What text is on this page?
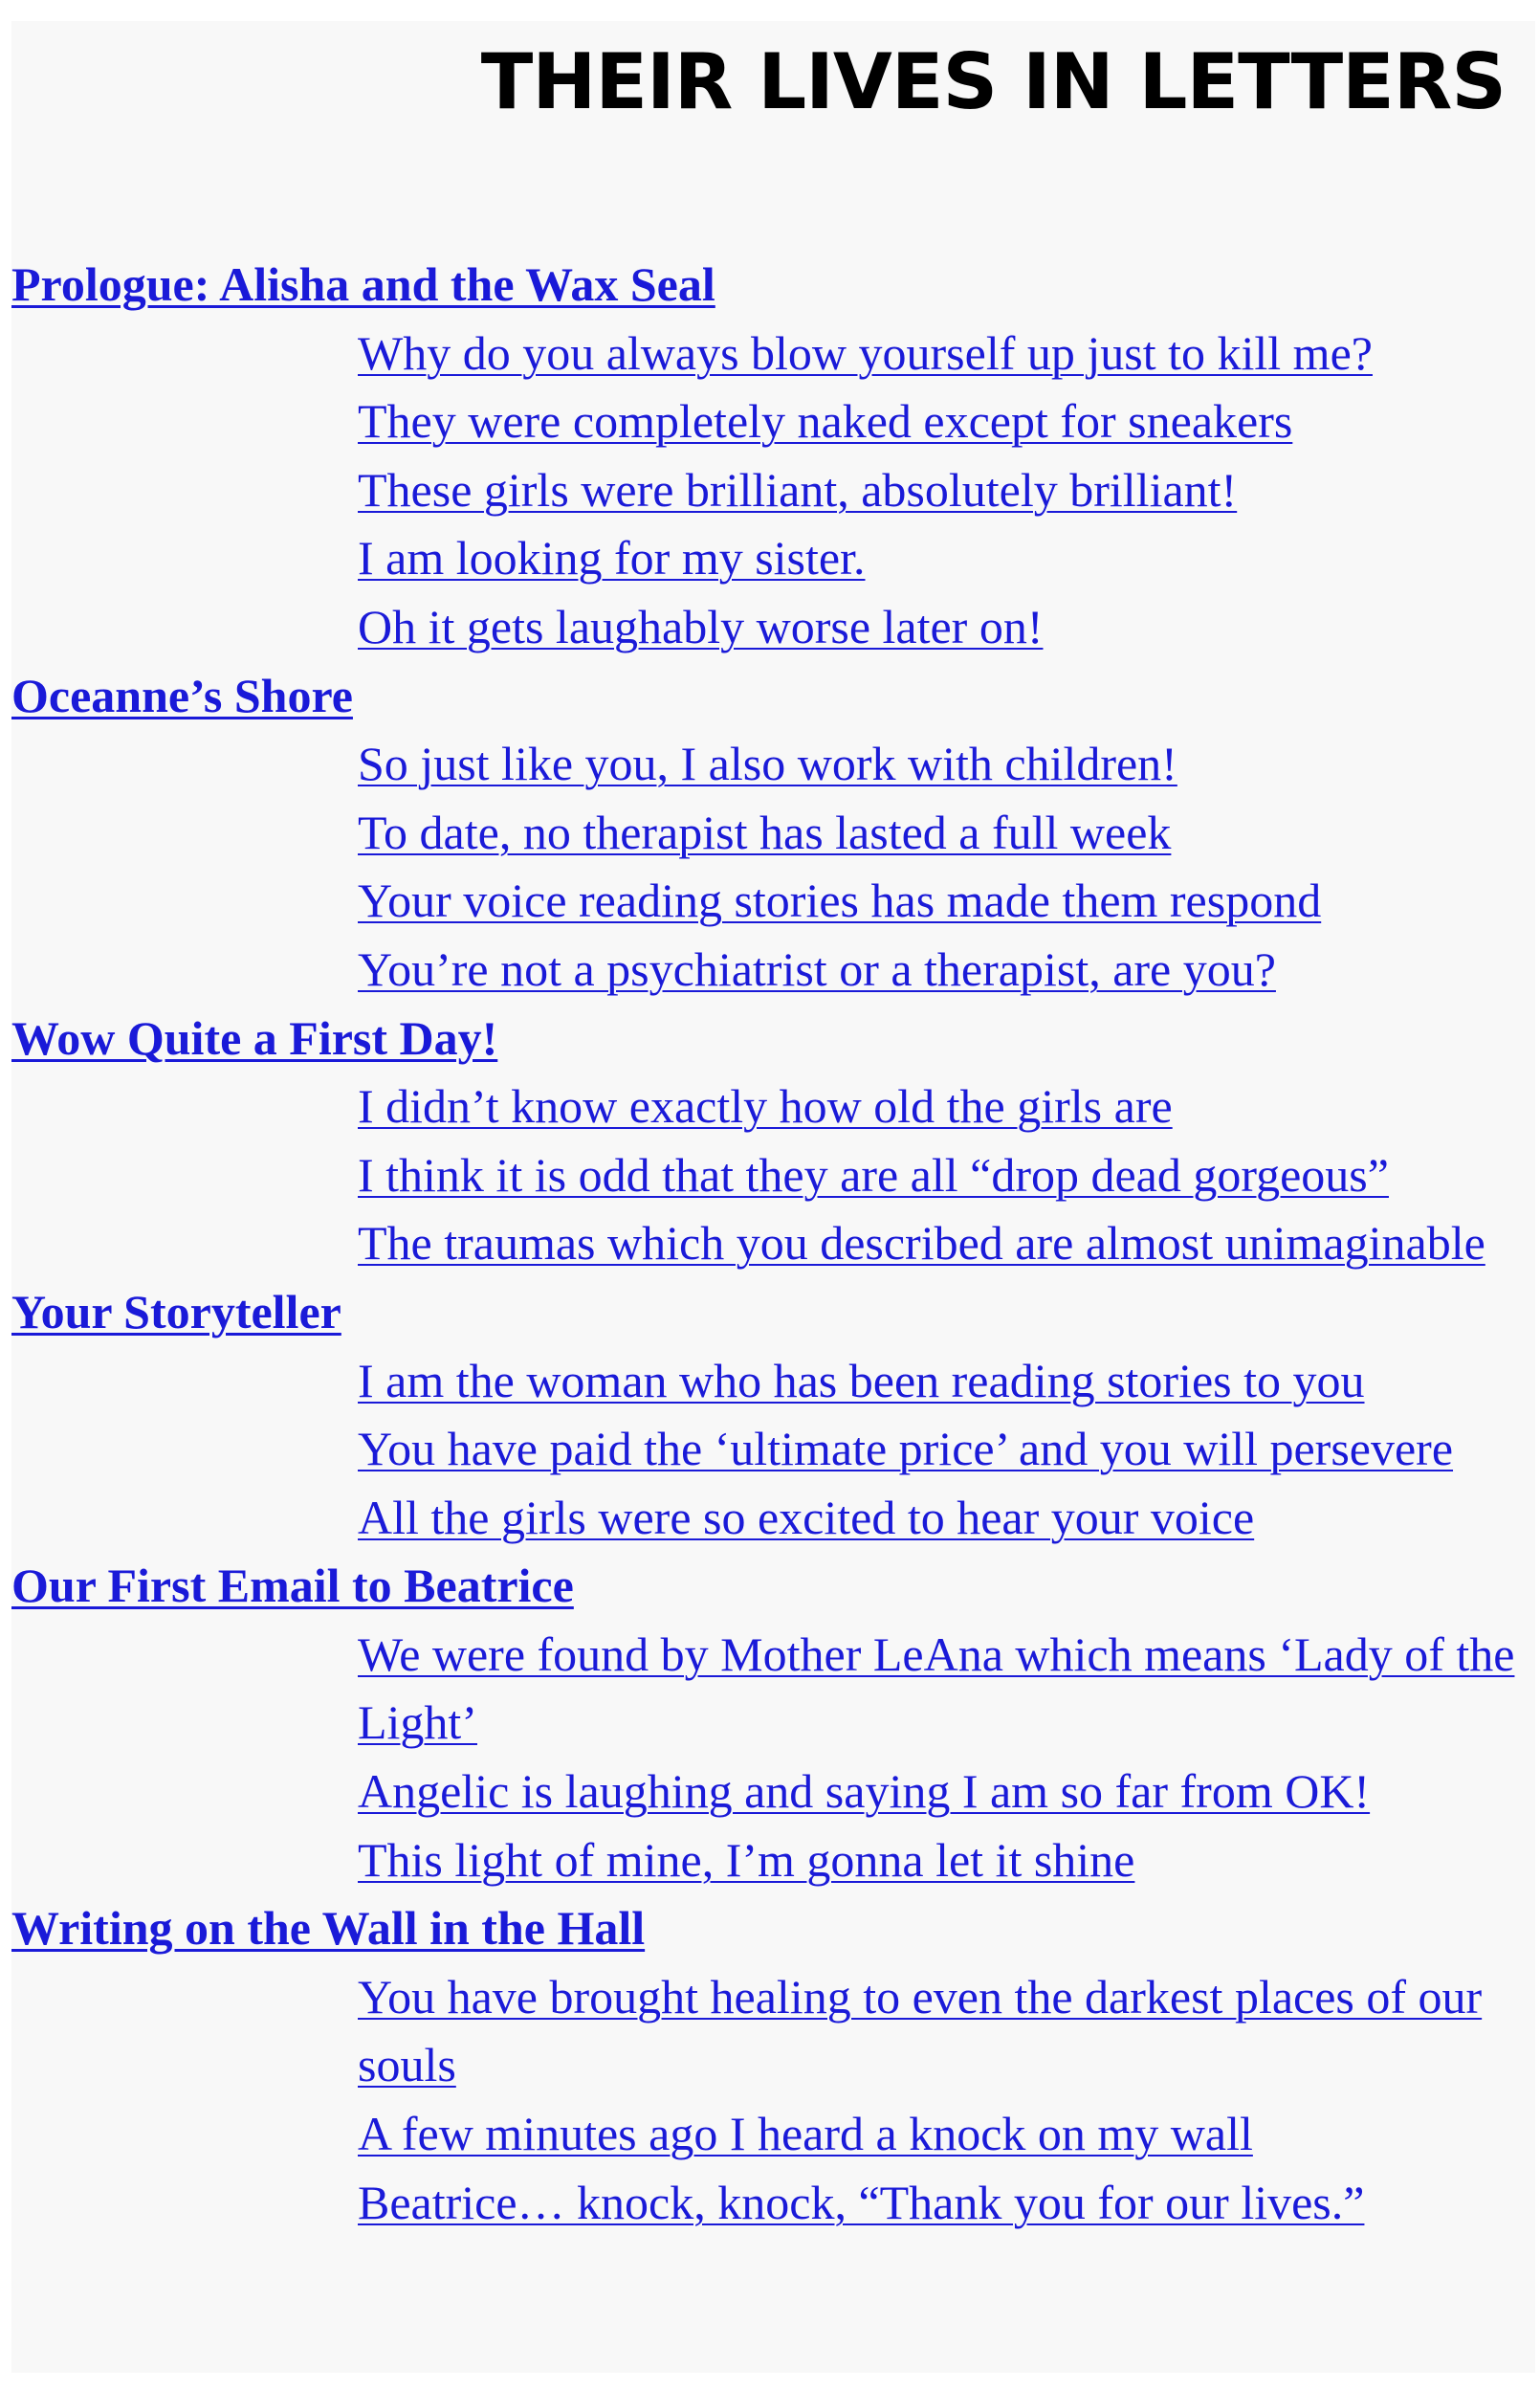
THEIR LIVES IN LETTERS
Prologue: Alisha and the Wax Seal
Why do you always blow yourself up just to kill me?
They were completely naked except for sneakers
These girls were brilliant, absolutely brilliant!
I am looking for my sister.
Oh it gets laughably worse later on!
Oceanne’s Shore
So just like you, I also work with children!
To date, no therapist has lasted a full week
Your voice reading stories has made them respond
You’re not a psychiatrist or a therapist, are you?
Wow Quite a First Day!
I didn’t know exactly how old the girls are
I think it is odd that they are all “drop dead gorgeous”
The traumas which you described are almost unimaginable
Your Storyteller
I am the woman who has been reading stories to you
You have paid the ‘ultimate price’ and you will persevere
All the girls were so excited to hear your voice
Our First Email to Beatrice
We were found by Mother LeAna which means ‘Lady of the Light’
Angelic is laughing and saying I am so far from OK!
This light of mine, I’m gonna let it shine
Writing on the Wall in the Hall
You have brought healing to even the darkest places of our souls
A few minutes ago I heard a knock on my wall
Beatrice… knock, knock, “Thank you for our lives.”
